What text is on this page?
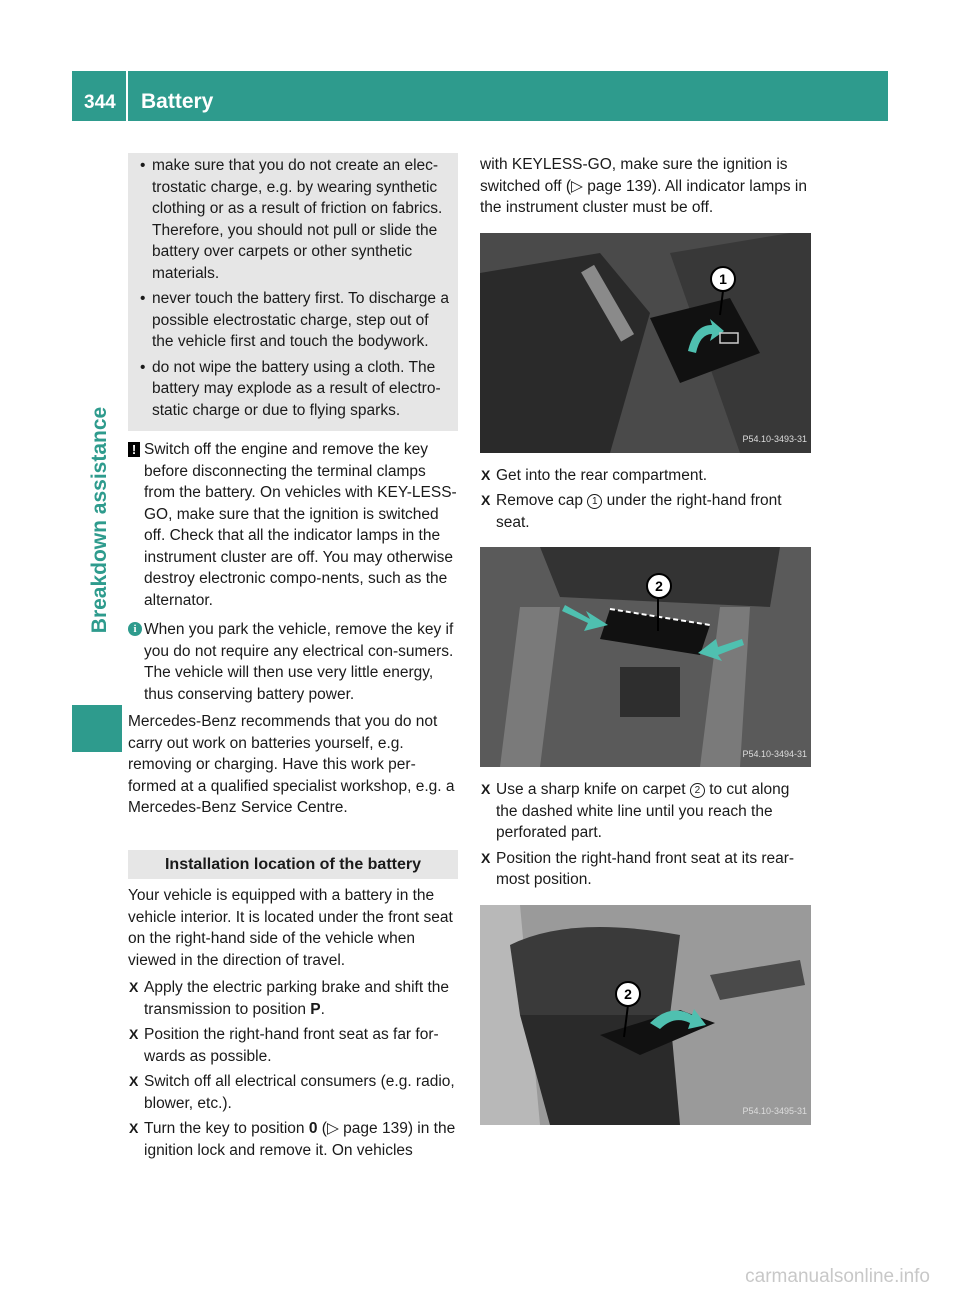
344 Battery
Breakdown assistance
• make sure that you do not create an elec-trostatic charge, e.g. by wearing synthetic clothing or as a result of friction on fabrics. Therefore, you should not pull or slide the battery over carpets or other synthetic materials.
• never touch the battery first. To discharge a possible electrostatic charge, step out of the vehicle first and touch the bodywork.
• do not wipe the battery using a cloth. The battery may explode as a result of electro-static charge or due to flying sparks.
! Switch off the engine and remove the key before disconnecting the terminal clamps from the battery. On vehicles with KEY-LESS-GO, make sure that the ignition is switched off. Check that all the indicator lamps in the instrument cluster are off. You may otherwise destroy electronic compo-nents, such as the alternator.
i When you park the vehicle, remove the key if you do not require any electrical con-sumers. The vehicle will then use very little energy, thus conserving battery power.
Mercedes-Benz recommends that you do not carry out work on batteries yourself, e.g. removing or charging. Have this work per-formed at a qualified specialist workshop, e.g. a Mercedes-Benz Service Centre.
Installation location of the battery
Your vehicle is equipped with a battery in the vehicle interior. It is located under the front seat on the right-hand side of the vehicle when viewed in the direction of travel.
X Apply the electric parking brake and shift the transmission to position P.
X Position the right-hand front seat as far for-wards as possible.
X Switch off all electrical consumers (e.g. radio, blower, etc.).
X Turn the key to position 0 (▷ page 139) in the ignition lock and remove it. On vehicles
with KEYLESS-GO, make sure the ignition is switched off (▷ page 139). All indicator lamps in the instrument cluster must be off.
1
P54.10-3493-31
X Get into the rear compartment.
X Remove cap 1 under the right-hand front seat.
2
P54.10-3494-31
X Use a sharp knife on carpet 2 to cut along the dashed white line until you reach the perforated part.
X Position the right-hand front seat at its rear-most position.
2
P54.10-3495-31
carmanualsonline.info
